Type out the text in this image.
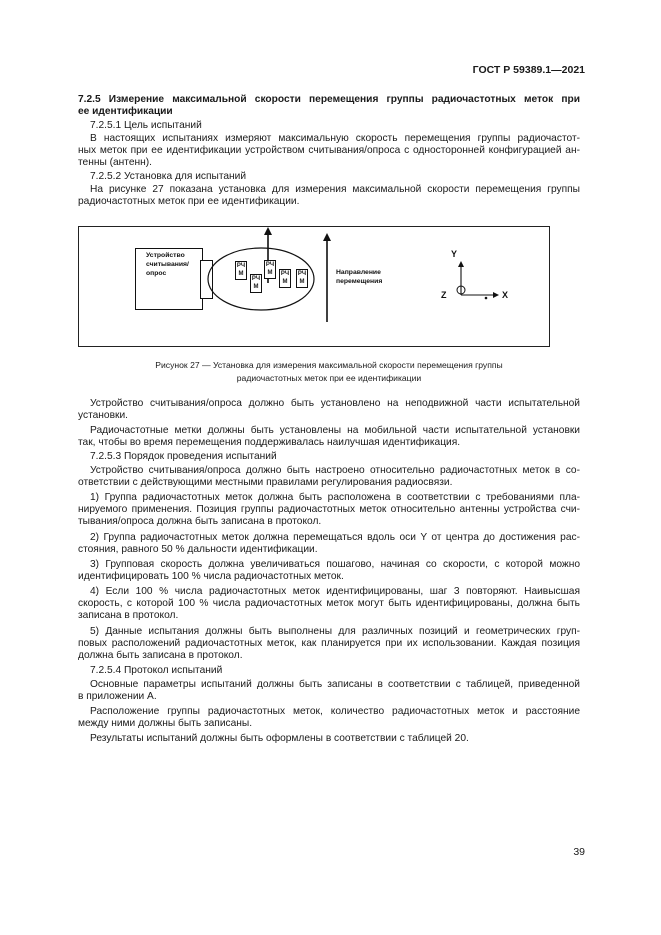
ГОСТ Р 59389.1—2021
7.2.5 Измерение максимальной скорости перемещения группы радиочастотных меток при
ее идентификации
7.2.5.1 Цель испытаний
В настоящих испытаниях измеряют максимальную скорость перемещения группы радиочастот-
ных меток при ее идентификации устройством считывания/опроса с односторонней конфигурацией ан-
тенны (антенн).
7.2.5.2 Установка для испытаний
На рисунке 27 показана установка для измерения максимальной скорости перемещения группы
радиочастотных меток при ее идентификации.
Устройство
считывания/
опрос
РЧ
М
РЧ
М
РЧ
М	РЧ
М
РЧ
М
Направление
перемещения
Y
Z	X
Рисунок 27 — Установка для измерения максимальной скорости перемещения группы
радиочастотных меток при ее идентификации
Устройство считывания/опроса должно быть установлено на неподвижной части испытательной
установки.
Радиочастотные метки должны быть установлены на мобильной части испытательной установки
так, чтобы во время перемещения поддерживалась наилучшая идентификация.
7.2.5.3 Порядок проведения испытаний
Устройство считывания/опроса должно быть настроено относительно радиочастотных меток в со-
ответствии с действующими местными правилами регулирования радиосвязи.
1) Группа радиочастотных меток должна быть расположена в соответствии с требованиями пла-
нируемого применения. Позиция группы радиочастотных меток относительно антенны устройства счи-
тывания/опроса должна быть записана в протокол.
2) Группа радиочастотных меток должна перемещаться вдоль оси Y от центра до достижения рас-
стояния, равного 50 % дальности идентификации.
3) Групповая скорость должна увеличиваться пошагово, начиная со скорости, с которой можно
идентифицировать 100 % числа радиочастотных меток.
4) Если 100 % числа радиочастотных меток идентифицированы, шаг 3 повторяют. Наивысшая
скорость, с которой 100 % числа радиочастотных меток могут быть идентифицированы, должна быть
записана в протокол.
5) Данные испытания должны быть выполнены для различных позиций и геометрических груп-
повых расположений радиочастотных меток, как планируется при их использовании. Каждая позиция
должна быть записана в протокол.
7.2.5.4 Протокол испытаний
Основные параметры испытаний должны быть записаны в соответствии с таблицей, приведенной
в приложении А.
Расположение группы радиочастотных меток, количество радиочастотных меток и расстояние
между ними должны быть записаны.
Результаты испытаний должны быть оформлены в соответствии с таблицей 20.
39
